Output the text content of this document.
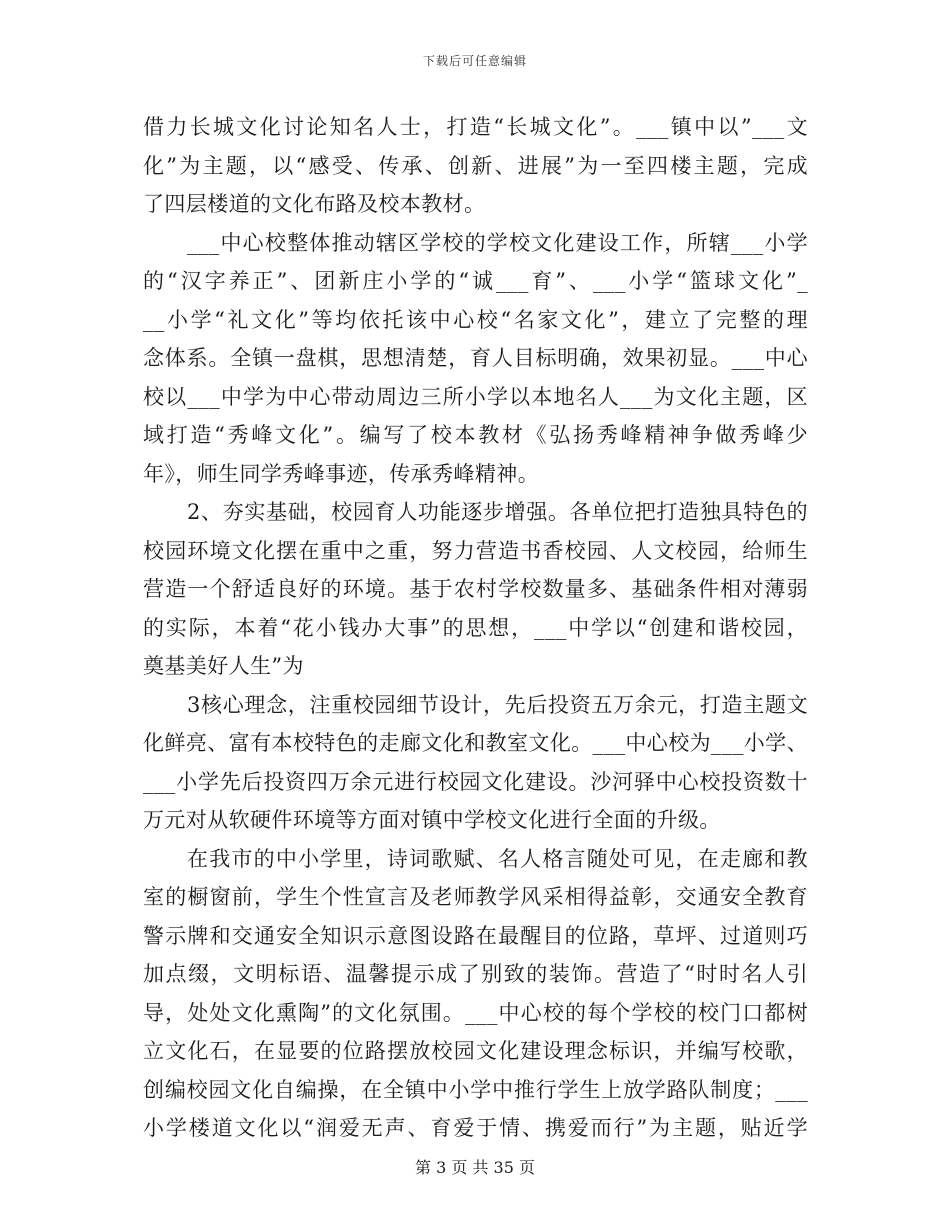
下载后可任意编辑
借力长城文化讨论知名人士，打造“长城文化”。___镇中以”___文
化”为主题，以“感受、传承、创新、进展”为一至四楼主题，完成
了四层楼道的文化布路及校本教材。
___中心校整体推动辖区学校的学校文化建设工作，所辖___小学
的“汉字养正”、团新庄小学的“诚___育”、___小学“篮球文化”_
__小学“礼文化”等均依托该中心校“名家文化”，建立了完整的理
念体系。全镇一盘棋，思想清楚，育人目标明确，效果初显。___中心
校以___中学为中心带动周边三所小学以本地名人___为文化主题，区
域打造“秀峰文化”。编写了校本教材《弘扬秀峰精神争做秀峰少
年》，师生同学秀峰事迹，传承秀峰精神。
2、夯实基础，校园育人功能逐步增强。各单位把打造独具特色的
校园环境文化摆在重中之重，努力营造书香校园、人文校园，给师生
营造一个舒适良好的环境。基于农村学校数量多、基础条件相对薄弱
的实际，本着“花小钱办大事”的思想，___中学以“创建和谐校园，
奠基美好人生”为
3核心理念，注重校园细节设计，先后投资五万余元，打造主题文
化鲜亮、富有本校特色的走廊文化和教室文化。___中心校为___小学、
___小学先后投资四万余元进行校园文化建设。沙河驿中心校投资数十
万元对从软硬件环境等方面对镇中学校文化进行全面的升级。
在我市的中小学里，诗词歌赋、名人格言随处可见，在走廊和教
室的橱窗前，学生个性宣言及老师教学风采相得益彰，交通安全教育
警示牌和交通安全知识示意图设路在最醒目的位路，草坪、过道则巧
加点缀，文明标语、温馨提示成了别致的装饰。营造了“时时名人引
导，处处文化熏陶”的文化氛围。___中心校的每个学校的校门口都树
立文化石，在显要的位路摆放校园文化建设理念标识，并编写校歌，
创编校园文化自编操，在全镇中小学中推行学生上放学路队制度；___
小学楼道文化以“润爱无声、育爱于情、携爱而行”为主题，贴近学
第 3 页 共 35 页
